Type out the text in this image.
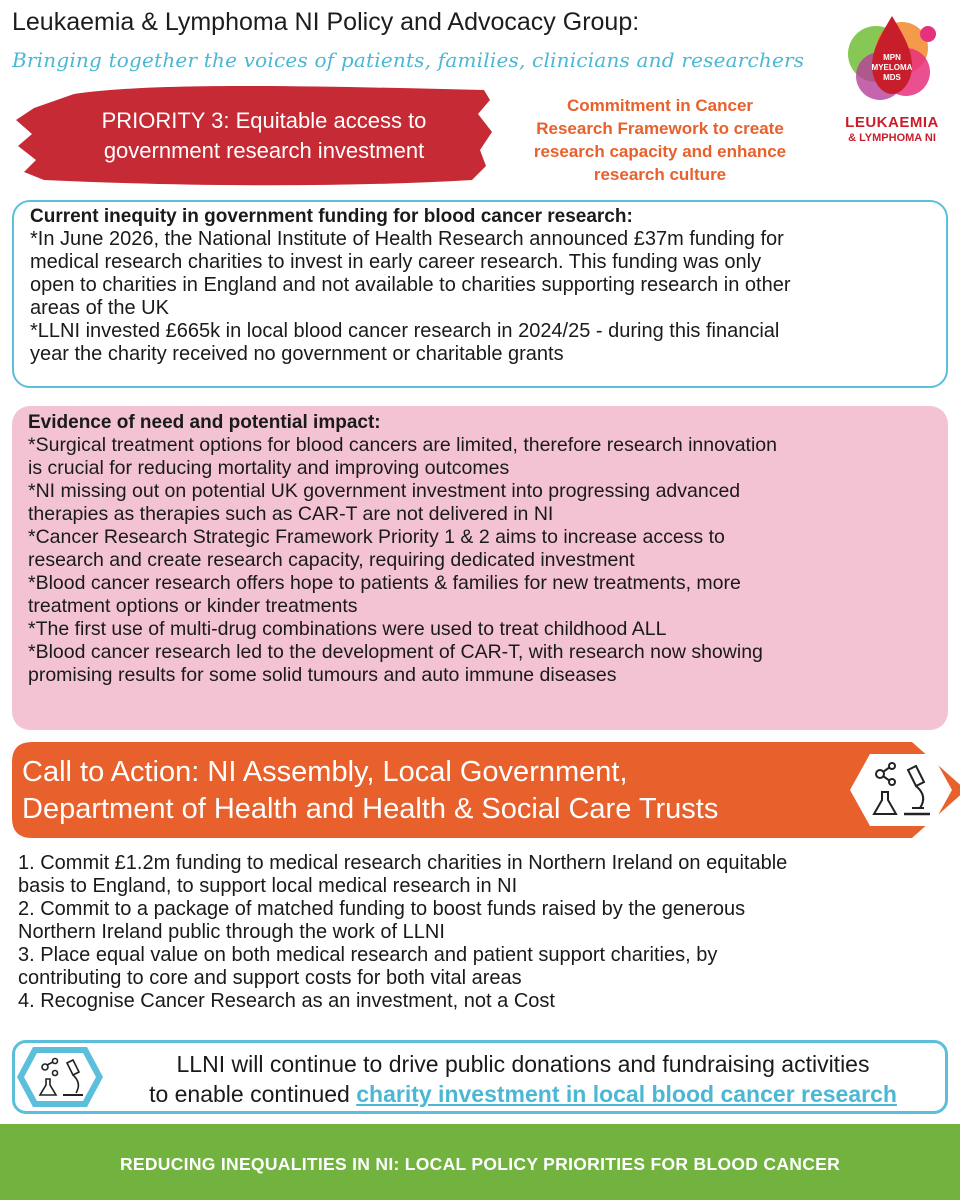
Leukaemia & Lymphoma NI Policy and Advocacy Group:
Bringing together the voices of patients, families, clinicians and researchers	MPN
MYELOMA
MDS
LEUKAEMIA
& LYMPHOMA NI
PRIORITY 3: Equitable access to
government research investment
Commitment in Cancer
Research Framework to create
research capacity and enhance
research culture
Current inequity in government funding for blood cancer research:
*In June 2026, the National Institute of Health Research announced £37m funding for
medical research charities to invest in early career research. This funding was only
open to charities in England and not available to charities supporting research in other
areas of the UK
*LLNI invested £665k in local blood cancer research in 2024/25 - during this financial
year the charity received no government or charitable grants
Evidence of need and potential impact:
*Surgical treatment options for blood cancers are limited, therefore research innovation
is crucial for reducing mortality and improving outcomes
*NI missing out on potential UK government investment into progressing advanced
therapies as therapies such as CAR-T are not delivered in NI
*Cancer Research Strategic Framework Priority 1 & 2 aims to increase access to
research and create research capacity, requiring dedicated investment
*Blood cancer research offers hope to patients & families for new treatments, more
treatment options or kinder treatments
*The first use of multi-drug combinations were used to treat childhood ALL
*Blood cancer research led to the development of CAR-T, with research now showing
promising results for some solid tumours and auto immune diseases
Call to Action: NI Assembly, Local Government,
Department of Health and Health & Social Care Trusts
1. Commit £1.2m funding to medical research charities in Northern Ireland on equitable
basis to England, to support local medical research in NI
2. Commit to a package of matched funding to boost funds raised by the generous
Northern Ireland public through the work of LLNI
3. Place equal value on both medical research and patient support charities, by
contributing to core and support costs for both vital areas
4. Recognise Cancer Research as an investment, not a Cost
LLNI will continue to drive public donations and fundraising activities
to enable continued charity investment in local blood cancer research
REDUCING INEQUALITIES IN NI: LOCAL POLICY PRIORITIES FOR BLOOD CANCER
